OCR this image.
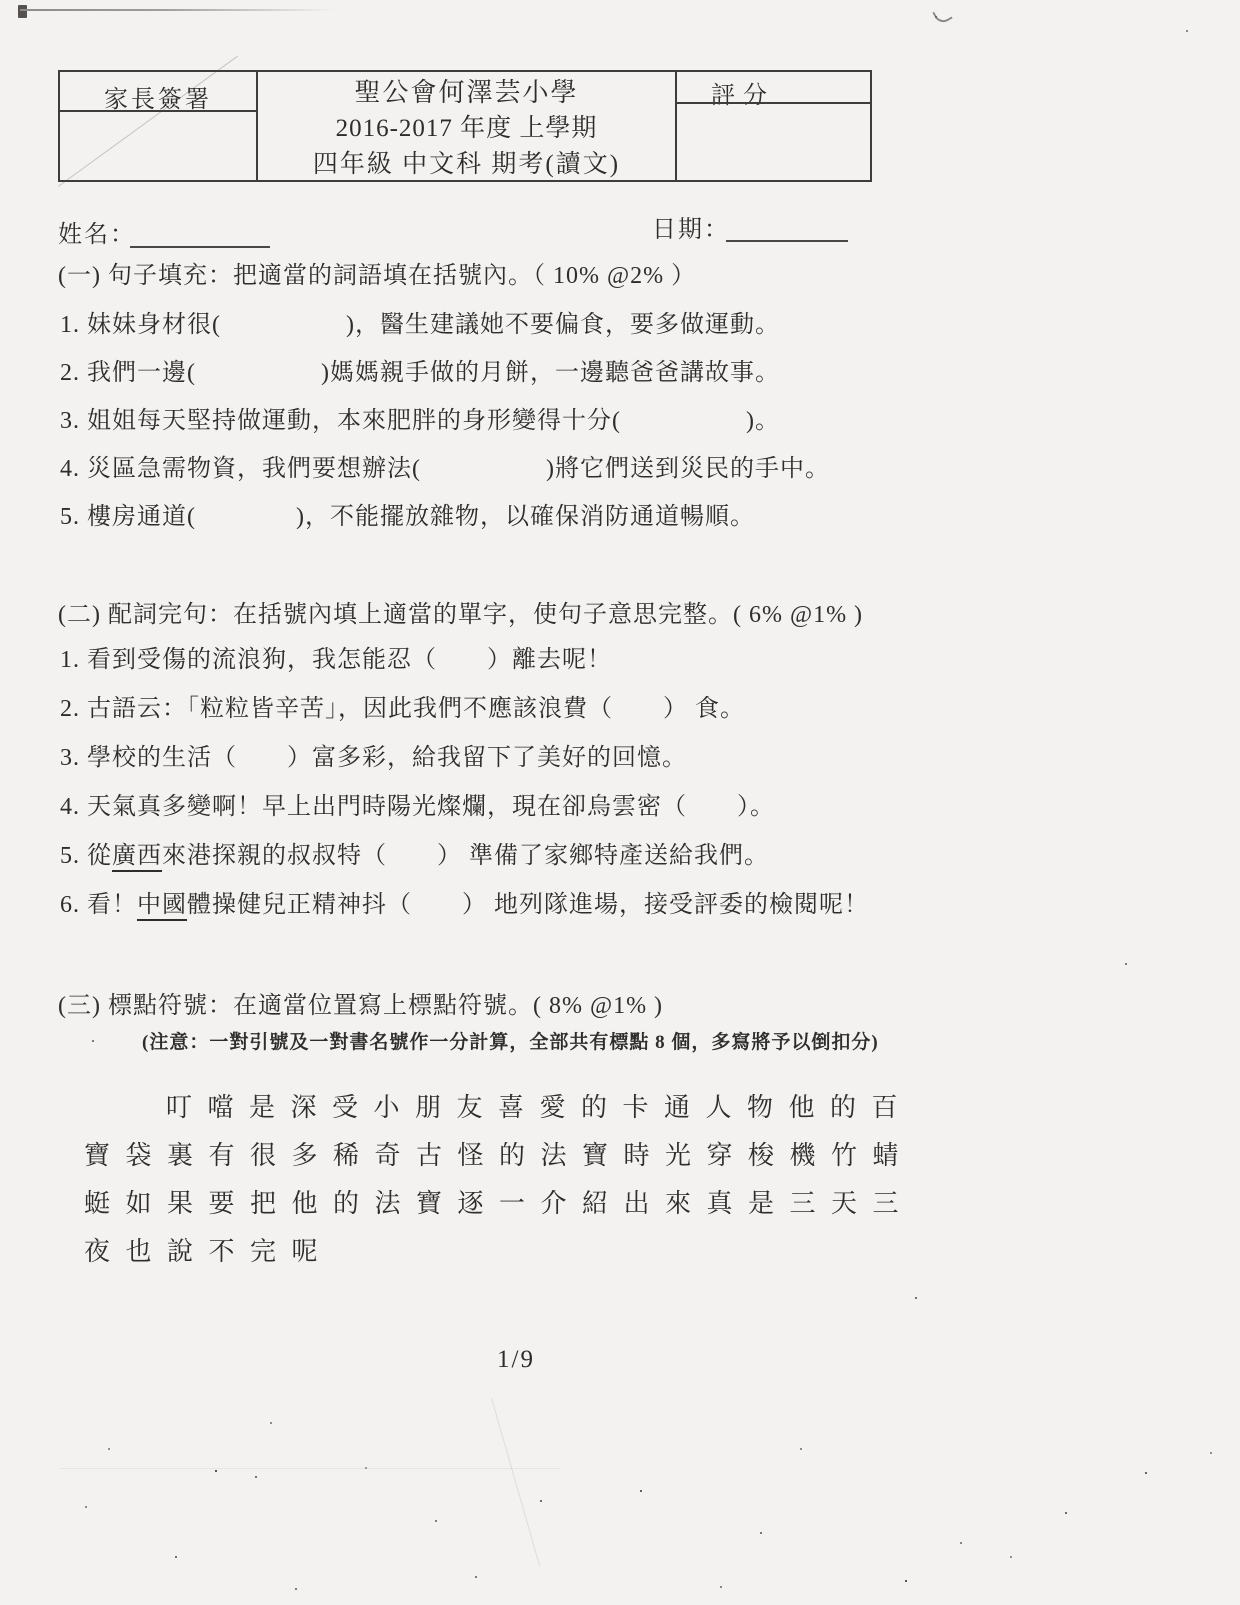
家長簽署	聖公會何澤芸小學
2016-2017 年度 上學期
四年級 中文科 期考(讀文)
評分
姓名：	日期：
(一) 句子填充：把適當的詞語填在括號內。（ 10% @2% ）
1. 妹妹身材很(　　　　　)，醫生建議她不要偏食，要多做運動。
2. 我們一邊(　　　　　)媽媽親手做的月餅，一邊聽爸爸講故事。
3. 姐姐每天堅持做運動，本來肥胖的身形變得十分(　　　　　)。
4. 災區急需物資，我們要想辦法(　　　　　)將它們送到災民的手中。
5. 樓房通道(　　　　)，不能擺放雜物，以確保消防通道暢順。
(二) 配詞完句：在括號內填上適當的單字，使句子意思完整。( 6% @1% )
1. 看到受傷的流浪狗，我怎能忍（　　）離去呢！
2. 古語云：「粒粒皆辛苦」，因此我們不應該浪費（　　） 食。
3. 學校的生活（　　）富多彩，給我留下了美好的回憶。
4. 天氣真多變啊！早上出門時陽光燦爛，現在卻烏雲密（　　）。
5. 從廣西來港探親的叔叔特（　　） 準備了家鄉特產送給我們。
6. 看！中國體操健兒正精神抖（　　） 地列隊進場，接受評委的檢閱呢！
(三) 標點符號：在適當位置寫上標點符號。( 8% @1% )
(注意：一對引號及一對書名號作一分計算，全部共有標點 8 個，多寫將予以倒扣分)
叮噹是深受小朋友喜愛的卡通人物他的百
寶袋裏有很多稀奇古怪的法寶時光穿梭機竹蜻
蜓如果要把他的法寶逐一介紹出來真是三天三
夜也說不完呢
1/9
